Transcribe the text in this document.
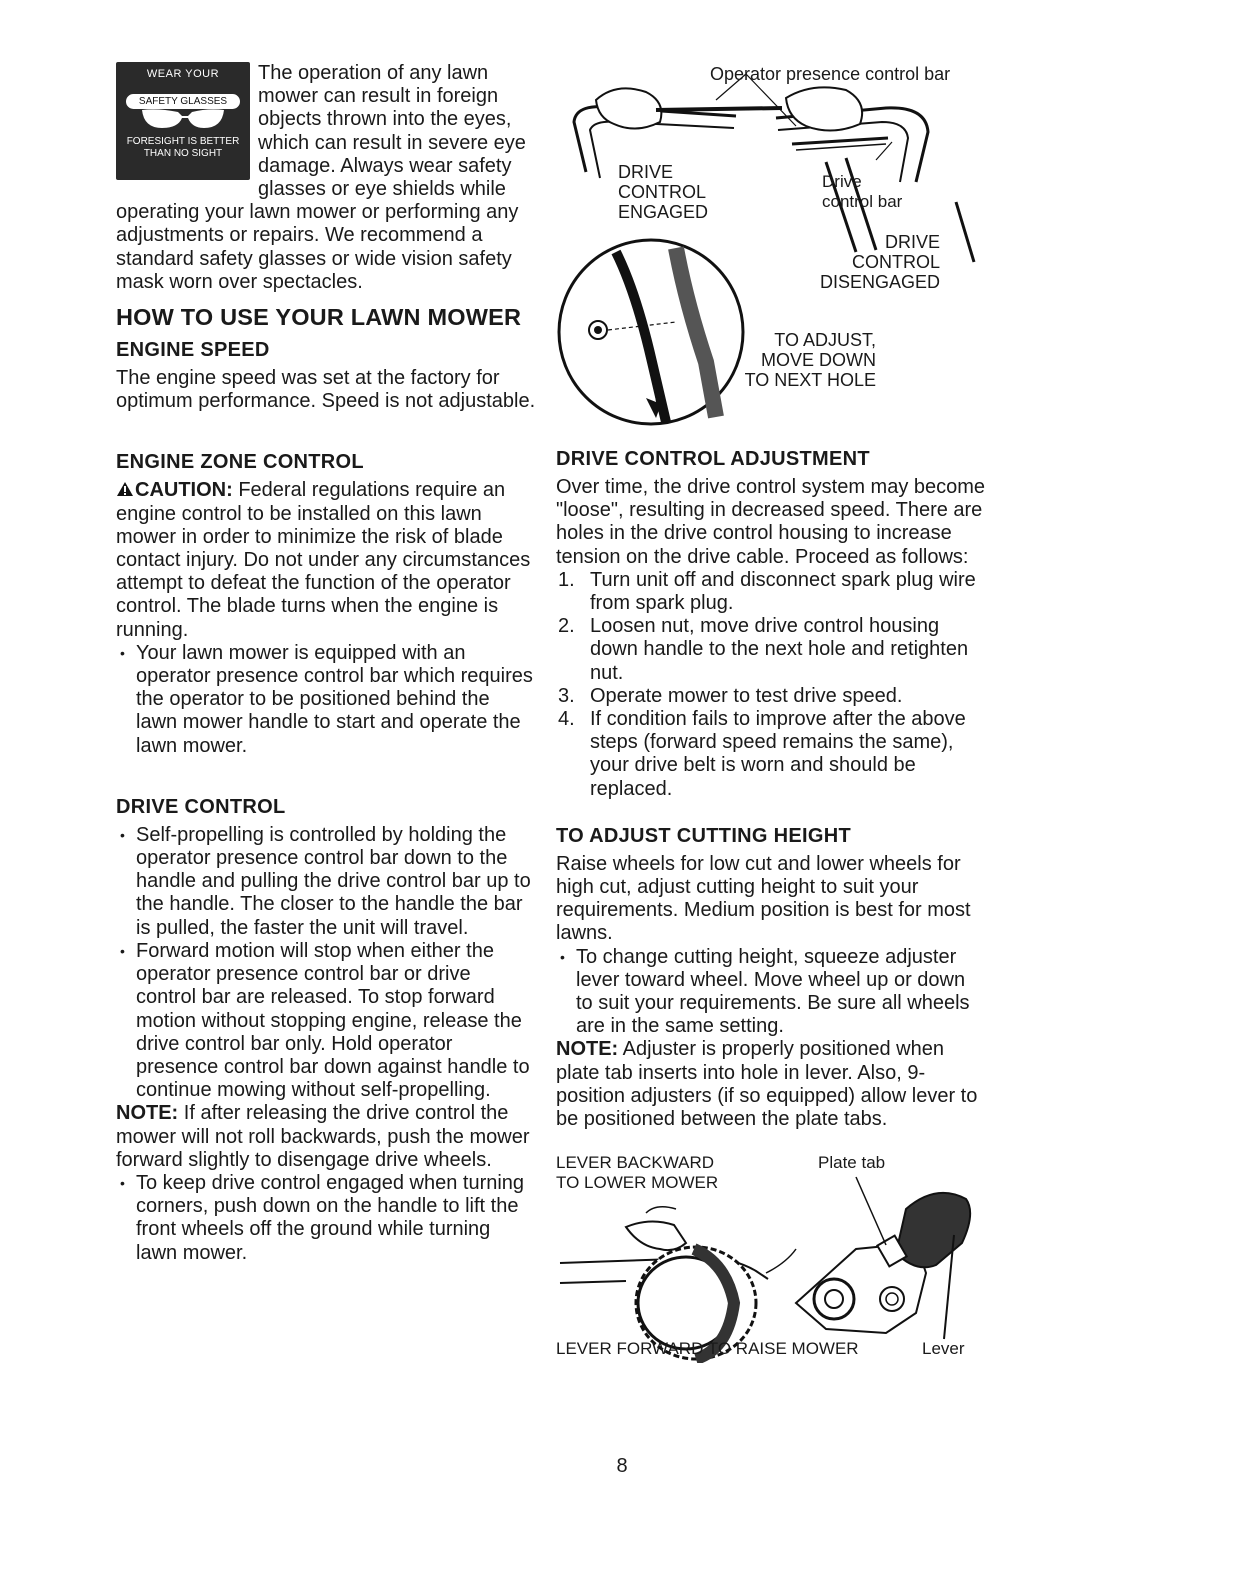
WEAR YOUR
SAFETY GLASSES
FORESIGHT IS BETTER THAN NO SIGHT

The operation of any lawn mower can result in foreign objects thrown into the eyes, which can result in severe eye damage. Always wear safety glasses or eye shields while operating your lawn mower or performing any adjustments or repairs. We recommend a standard safety glasses or wide vision safety mask worn over spectacles.

HOW TO USE YOUR LAWN MOWER
ENGINE SPEED

The engine speed was set at the factory for optimum performance. Speed is not adjustable.

ENGINE ZONE CONTROL

CAUTION: Federal regulations require an engine control to be installed on this lawn mower in order to minimize the risk of blade contact injury. Do not under any circumstances attempt to defeat the function of the operator control. The blade turns when the engine is running.

• Your lawn mower is equipped with an operator presence control bar which requires the operator to be positioned behind the lawn mower handle to start and operate the lawn mower.
DRIVE CONTROL
• Self-propelling is controlled by holding the operator presence control bar down to the handle and pulling the drive control bar up to the handle. The closer to the handle the bar is pulled, the faster the unit will travel.
• Forward motion will stop when either the operator presence control bar or drive control bar are released. To stop forward motion without stopping engine, release the drive control bar only. Hold operator presence control bar down against handle to continue mowing without self-propelling.

NOTE: If after releasing the drive control the mower will not roll backwards, push the mower forward slightly to disengage drive wheels.

• To keep drive control engaged when turning corners, push down on the handle to lift the front wheels off the ground while turning lawn mower.
Operator presence control bar
DRIVE
CONTROL
ENGAGED
Drive
control bar
DRIVE
CONTROL
DISENGAGED
TO ADJUST,
MOVE DOWN
TO NEXT HOLE
DRIVE CONTROL ADJUSTMENT

Over time, the drive control system may become "loose", resulting in decreased speed. There are holes in the drive control housing to increase tension on the drive cable. Proceed as follows:

1. Turn unit off and disconnect spark plug wire from spark plug.
2. Loosen nut, move drive control housing down handle to the next hole and retighten nut.
3. Operate mower to test drive speed.
4. If condition fails to improve after the above steps (forward speed remains the same), your drive belt is worn and should be replaced.
TO ADJUST CUTTING HEIGHT

Raise wheels for low cut and lower wheels for high cut, adjust cutting height to suit your requirements. Medium position is best for most lawns.

• To change cutting height, squeeze adjuster lever toward wheel. Move wheel up or down to suit your requirements. Be sure all wheels are in the same setting.

NOTE: Adjuster is properly positioned when plate tab inserts into hole in lever. Also, 9-position adjusters (if so equipped) allow lever to be positioned between the plate tabs.

LEVER BACKWARD
TO LOWER MOWER
Plate tab
LEVER FORWARD TO RAISE MOWER	Lever
8
